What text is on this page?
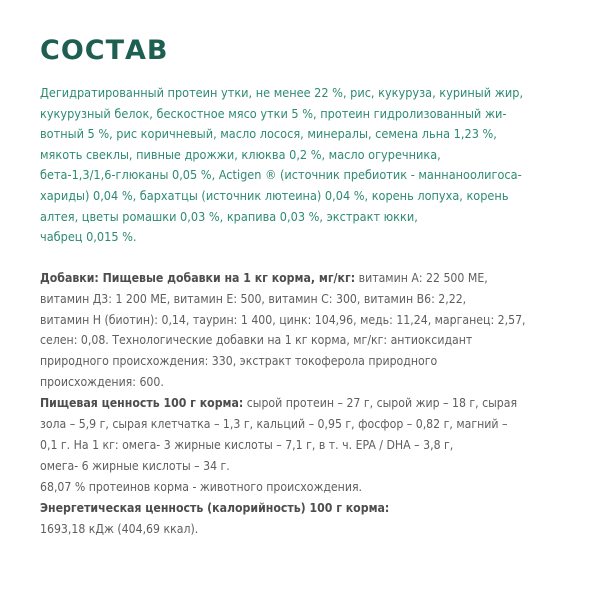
СОСТАВ

Дегидратированный протеин утки, не менее 22 %, рис, кукуруза, куриный жир,
кукурузный белок, бескостное мясо утки 5 %, протеин гидролизованный жи-
вотный 5 %, рис коричневый, масло лосося, минералы, семена льна 1,23 %,
мякоть свеклы, пивные дрожжи, клюква 0,2 %, масло огуречника,
бета-1,3/1,6-глюканы 0,05 %, Actigen ® (источник пребиотик - маннаноолигоса-
хариды) 0,04 %, бархатцы (источник лютеина) 0,04 %, корень лопуха, корень
алтея, цветы ромашки 0,03 %, крапива 0,03 %, экстракт юкки,
чабрец 0,015 %.

Добавки: Пищевые добавки на 1 кг корма, мг/кг: витамин А: 22 500 МЕ,
витамин Д3: 1 200 МЕ, витамин Е: 500, витамин С: 300, витамин В6: 2,22,
витамин Н (биотин): 0,14, таурин: 1 400, цинк: 104,96, медь: 11,24, марганец: 2,57,
селен: 0,08. Технологические добавки на 1 кг корма, мг/кг: антиоксидант
природного происхождения: 330, экстракт токоферола природного
происхождения: 600.
Пищевая ценность 100 г корма: сырой протеин – 27 г, сырой жир – 18 г, сырая
зола – 5,9 г, сырая клетчатка – 1,3 г, кальций – 0,95 г, фосфор – 0,82 г, магний –
0,1 г. На 1 кг: омега- 3 жирные кислоты – 7,1 г, в т. ч. EPA / DHA – 3,8 г,
омега- 6 жирные кислоты – 34 г.
68,07 % протеинов корма - животного происхождения.
Энергетическая ценность (калорийность) 100 г корма:
1693,18 кДж (404,69 ккал).
